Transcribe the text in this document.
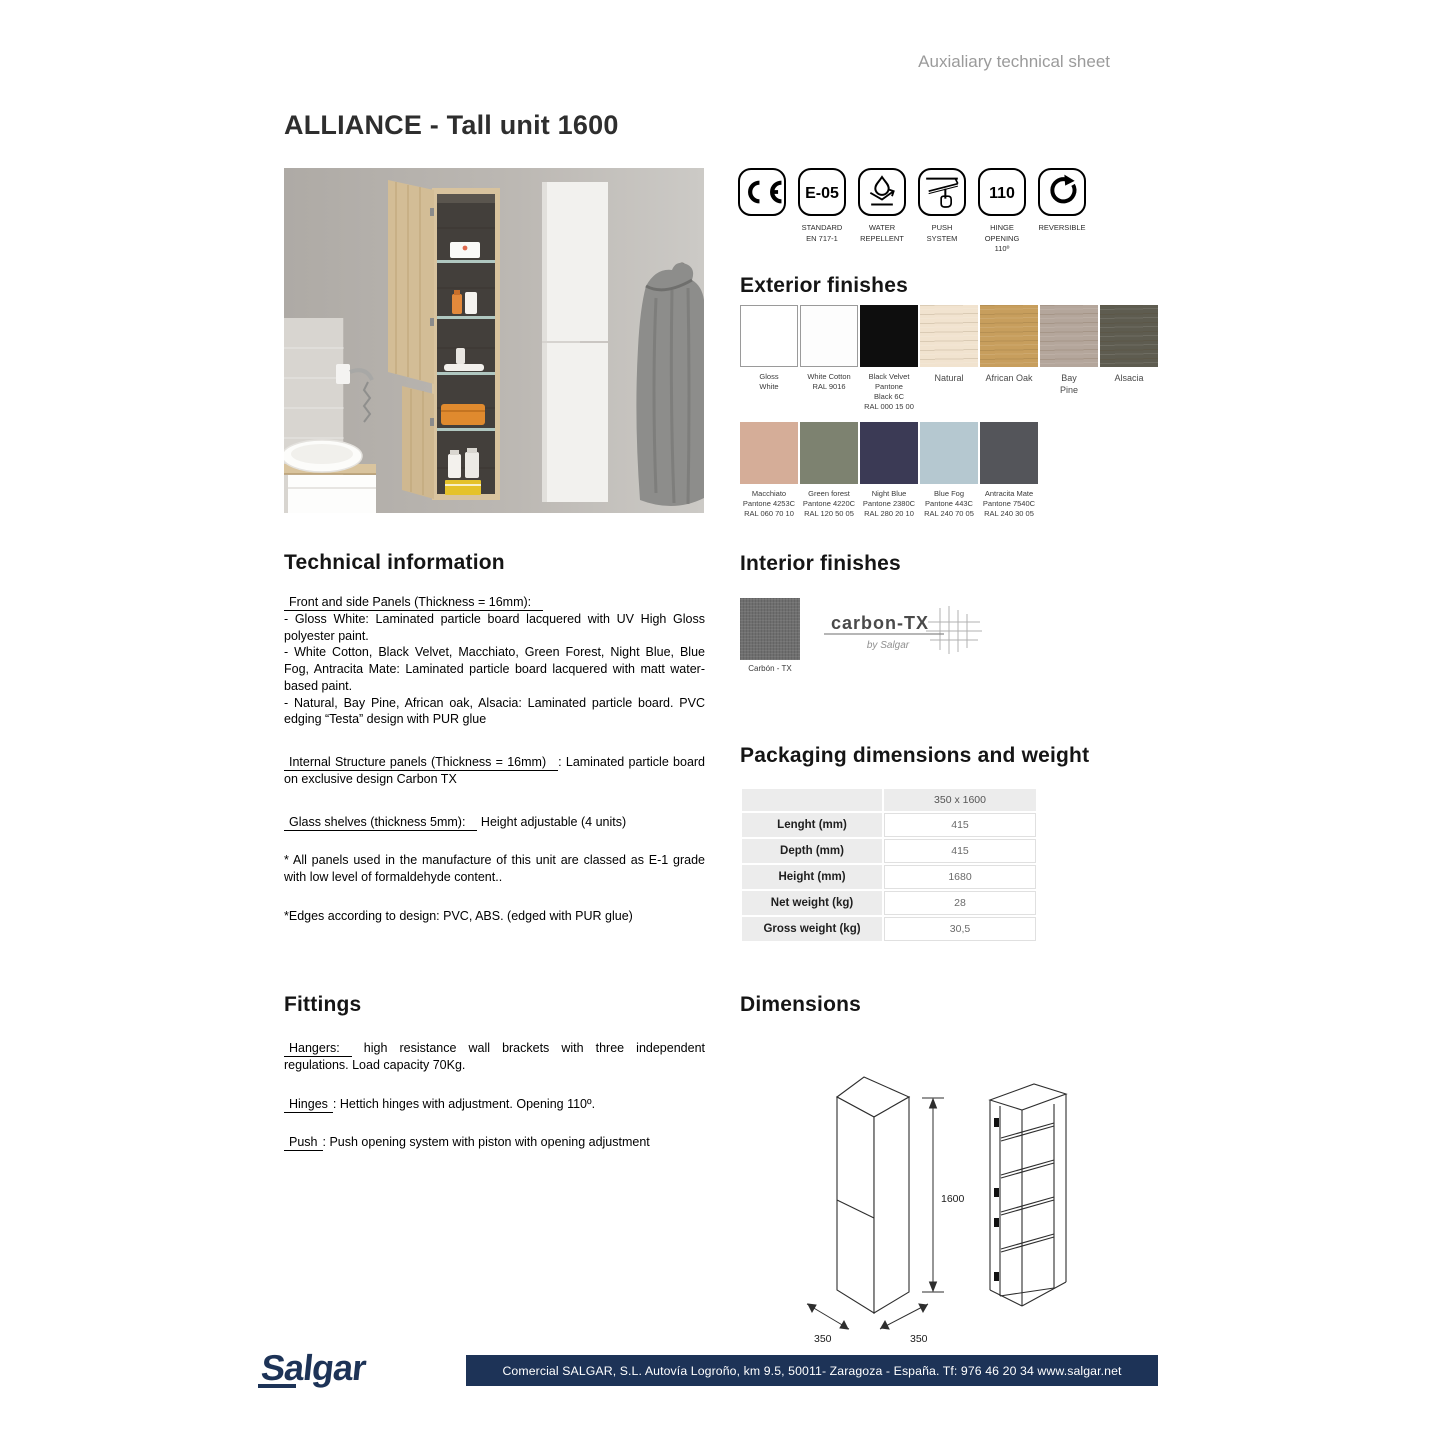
Auxialiary technical sheet
ALLIANCE - Tall unit 1600
E-05
STANDARD
EN 717-1
WATER
REPELLENT
PUSH
SYSTEM
110
HINGE
OPENING 110º
REVERSIBLE
Exterior finishes
Gloss
White
White Cotton
RAL 9016
Black Velvet
Pantone
Black 6C
RAL 000 15 00
Natural	African Oak	Bay
Pine
Alsacia
Macchiato
Pantone 4253C
RAL 060 70 10
Green forest
Pantone 4220C
RAL 120 50 05
Night Blue
Pantone 2380C
RAL 280 20 10
Blue Fog
Pantone 443C
RAL 240 70 05
Antracita Mate
Pantone 7540C
RAL 240 30 05
Technical information

Front and side Panels (Thickness = 16mm):

- Gloss White: Laminated particle board lacquered with UV High Gloss polyester paint.

- White Cotton, Black Velvet, Macchiato, Green Forest, Night Blue, Blue Fog, Antracita Mate: Laminated particle board lacquered with matt water-based paint.

- Natural, Bay Pine, African oak, Alsacia: Laminated particle board. PVC edging “Testa” design with PUR glue

Internal Structure panels (Thickness = 16mm) : Laminated particle board on exclusive design Carbon TX

Glass shelves (thickness 5mm): Height adjustable (4 units)

* All panels used in the manufacture of this unit are classed as E-1 grade with low level of formaldehyde content..

*Edges according to design: PVC, ABS. (edged with PUR glue)

Interior finishes
Carbón - TX
carbon-TX
by Salgar
Packaging dimensions and weight
	350 x 1600
Lenght (mm)	415
Depth (mm)	415
Height (mm)	1680
Net weight (kg)	28
Gross weight (kg)	30,5
Fittings

Hangers: high resistance wall brackets with three independent regulations. Load capacity 70Kg.

Hinges : Hettich hinges with adjustment. Opening 110º.

Push : Push opening system with piston with opening adjustment

Dimensions
1600
350	350
Salgar	Comercial SALGAR, S.L. Autovía Logroño, km 9.5, 50011- Zaragoza - España. Tf: 976 46 20 34 www.salgar.net
